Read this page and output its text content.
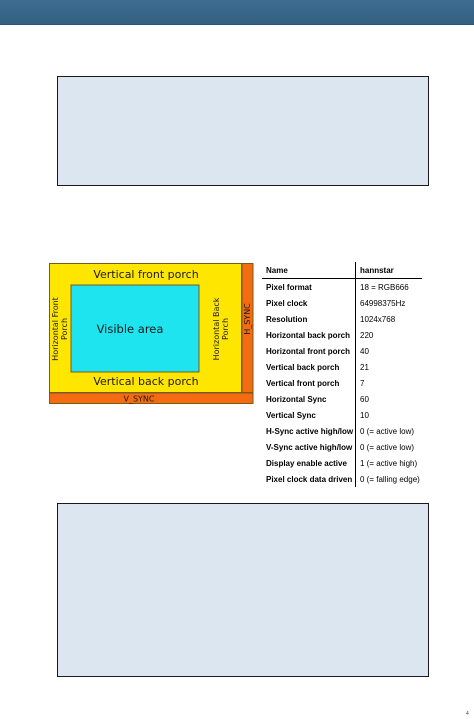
Vertical front porch
Visible area
Vertical back porch
V_SYNC
Horizontal Front Porch	Horizontal Back Porch H_SYNC
Name	hannstar
Pixel format	18 = RGB666
Pixel clock	64998375Hz
Resolution	1024x768
Horizontal back porch	220
Horizontal front porch	40
Vertical back porch	21
Vertical front porch	7
Horizontal Sync	60
Vertical Sync	10
H-Sync active high/low	0 (= active low)
V-Sync active high/low	0 (= active low)
Display enable active	1 (= active high)
Pixel clock data driven	0 (= falling edge)
4
